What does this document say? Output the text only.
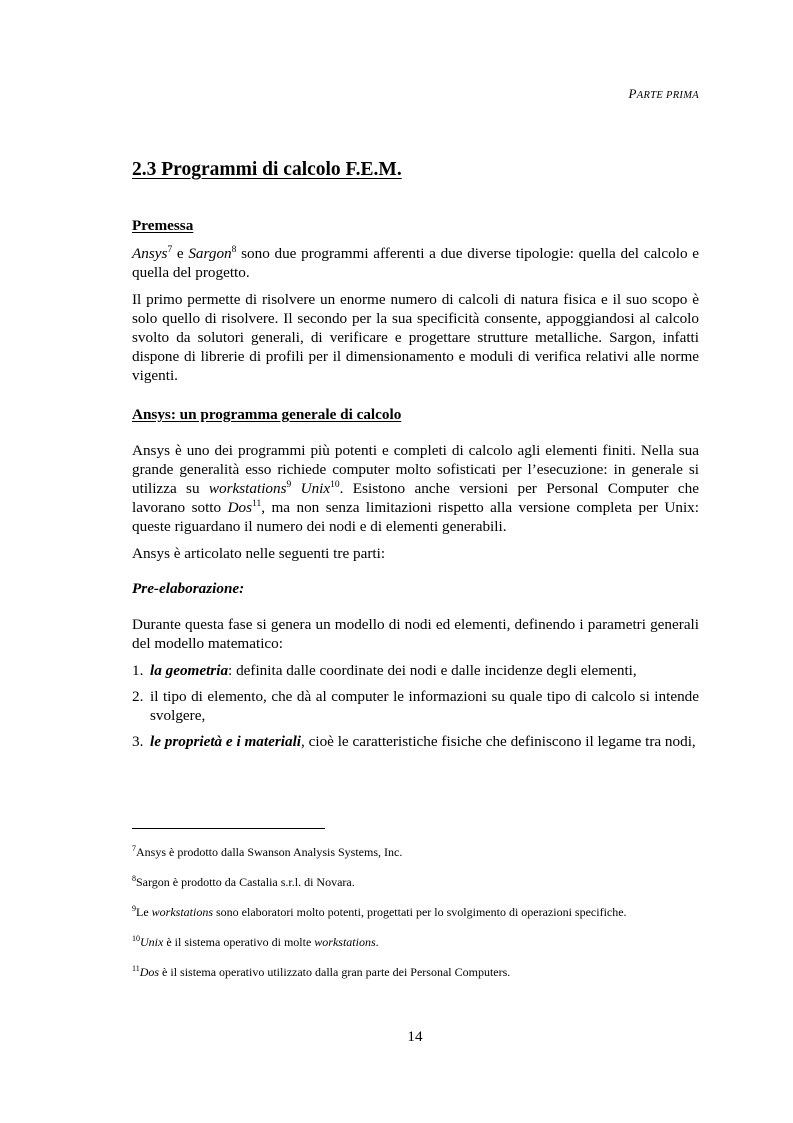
PARTE PRIMA
2.3 Programmi di calcolo F.E.M.
Premessa

Ansys$^7$ e Sargon$^8$ sono due programmi afferenti a due diverse tipologie: quella del calcolo e quella del progetto.

Il primo permette di risolvere un enorme numero di calcoli di natura fisica e il suo scopo è solo quello di risolvere. Il secondo per la sua specificità consente, appoggiandosi al calcolo svolto da solutori generali, di verificare e progettare strutture metalliche. Sargon, infatti dispone di librerie di profili per il dimensionamento e moduli di verifica relativi alle norme vigenti.

Ansys: un programma generale di calcolo

Ansys è uno dei programmi più potenti e completi di calcolo agli elementi finiti. Nella sua grande generalità esso richiede computer molto sofisticati per l’esecuzione: in generale si utilizza su workstations$^9$ Unix$^{10}$. Esistono anche versioni per Personal Computer che lavorano sotto Dos$^{11}$, ma non senza limitazioni rispetto alla versione completa per Unix: queste riguardano il numero dei nodi e di elementi generabili.

Ansys è articolato nelle seguenti tre parti:

Pre-elaborazione:

Durante questa fase si genera un modello di nodi ed elementi, definendo i parametri generali del modello matematico:

1. la geometria: definita dalle coordinate dei nodi e dalle incidenze degli elementi,
2. il tipo di elemento, che dà al computer le informazioni su quale tipo di calcolo si intende svolgere,
3. le proprietà e i materiali, cioè le caratteristiche fisiche che definiscono il legame tra nodi,
$^7$Ansys è prodotto dalla Swanson Analysis Systems, Inc.
$^8$Sargon è prodotto da Castalia s.r.l. di Novara.
$^9$Le workstations sono elaboratori molto potenti, progettati per lo svolgimento di operazioni specifiche.
$^{10}$Unix è il sistema operativo di molte workstations.
$^{11}$Dos è il sistema operativo utilizzato dalla gran parte dei Personal Computers.
14
